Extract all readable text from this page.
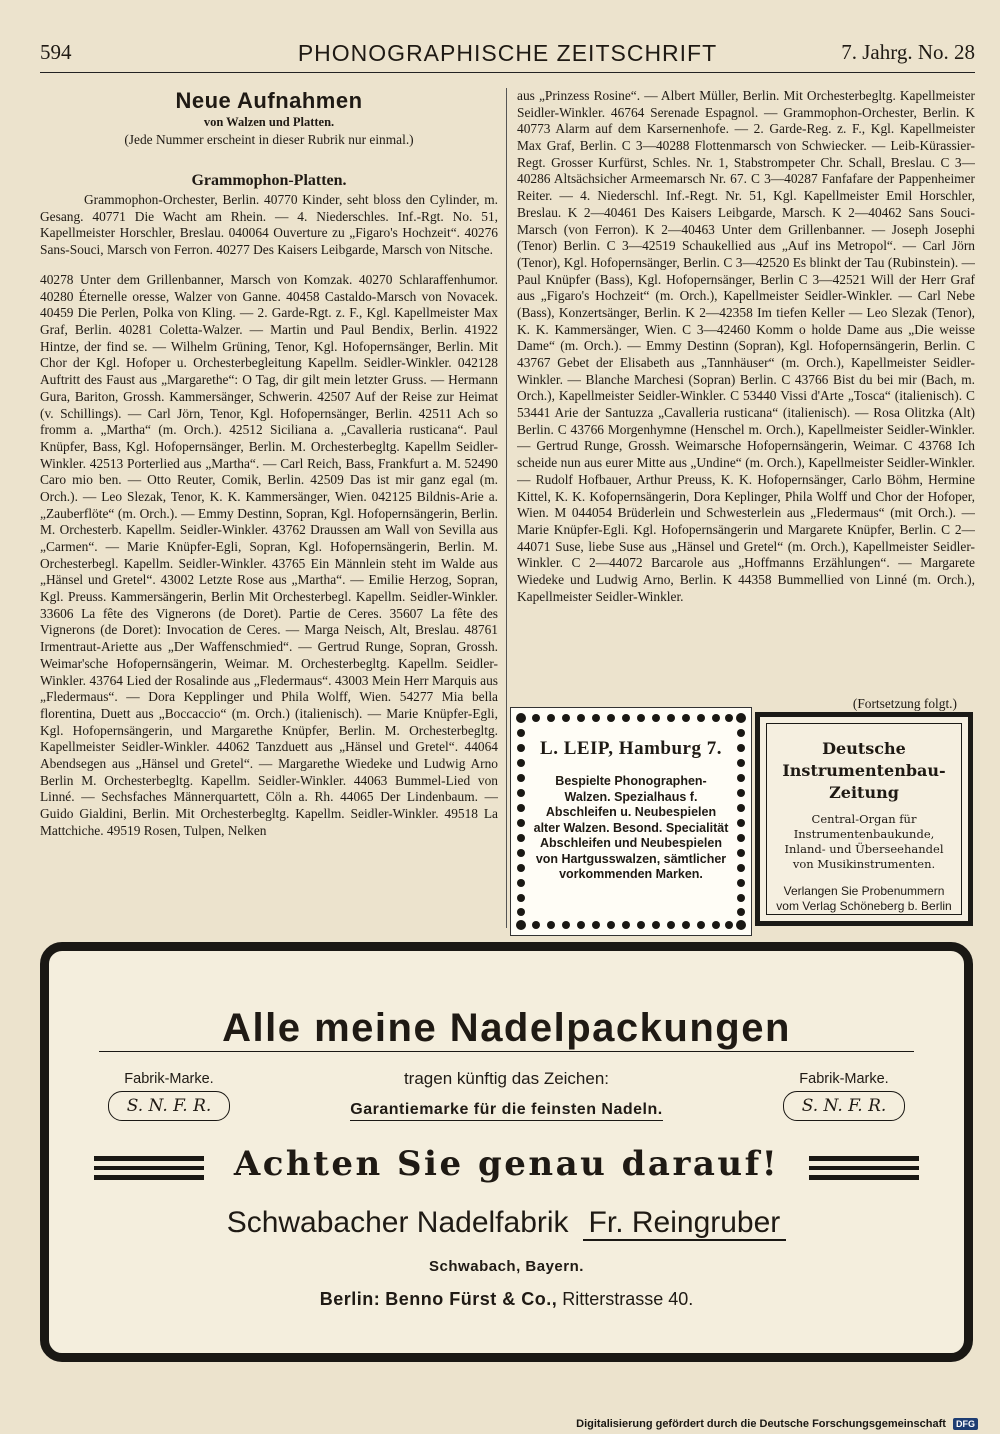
594	PHONOGRAPHISCHE ZEITSCHRIFT	7. Jahrg. No. 28
Neue Aufnahmen
von Walzen und Platten.
(Jede Nummer erscheint in dieser Rubrik nur einmal.)
Grammophon-Platten.

Grammophon-Orchester, Berlin. 40770 Kinder, seht bloss den Cylinder, m. Gesang. 40771 Die Wacht am Rhein. — 4. Niederschles. Inf.-Rgt. No. 51, Kapellmeister Horschler, Breslau. 040064 Ouverture zu „Figaro's Hochzeit“. 40276 Sans-Souci, Marsch von Ferron. 40277 Des Kaisers Leibgarde, Marsch von Nitsche.

40278 Unter dem Grillenbanner, Marsch von Komzak. 40270 Schlaraffenhumor. 40280 Éternelle oresse, Walzer von Ganne. 40458 Castaldo-Marsch von Novacek. 40459 Die Perlen, Polka von Kling. — 2. Garde-Rgt. z. F., Kgl. Kapellmeister Max Graf, Berlin. 40281 Coletta-Walzer. — Martin und Paul Bendix, Berlin. 41922 Hintze, der find se. — Wilhelm Grüning, Tenor, Kgl. Hofopernsänger, Berlin. Mit Chor der Kgl. Hofoper u. Orchesterbegleitung Kapellm. Seidler-Winkler. 042128 Auftritt des Faust aus „Margarethe“: O Tag, dir gilt mein letzter Gruss. — Hermann Gura, Bariton, Grossh. Kammersänger, Schwerin. 42507 Auf der Reise zur Heimat (v. Schillings). — Carl Jörn, Tenor, Kgl. Hofopernsänger, Berlin. 42511 Ach so fromm a. „Martha“ (m. Orch.). 42512 Siciliana a. „Cavalleria rusticana“. Paul Knüpfer, Bass, Kgl. Hofopernsänger, Berlin. M. Orchesterbegltg. Kapellm Seidler-Winkler. 42513 Porterlied aus „Martha“. — Carl Reich, Bass, Frankfurt a. M. 52490 Caro mio ben. — Otto Reuter, Comik, Berlin. 42509 Das ist mir ganz egal (m. Orch.). — Leo Slezak, Tenor, K. K. Kammersänger, Wien. 042125 Bildnis-Arie a. „Zauberflöte“ (m. Orch.). — Emmy Destinn, Sopran, Kgl. Hofopernsängerin, Berlin. M. Orchesterb. Kapellm. Seidler-Winkler. 43762 Draussen am Wall von Sevilla aus „Carmen“. — Marie Knüpfer-Egli, Sopran, Kgl. Hofopernsängerin, Berlin. M. Orchesterbegl. Kapellm. Seidler-Winkler. 43765 Ein Männlein steht im Walde aus „Hänsel und Gretel“. 43002 Letzte Rose aus „Martha“. — Emilie Herzog, Sopran, Kgl. Preuss. Kammersängerin, Berlin Mit Orchesterbegl. Kapellm. Seidler-Winkler. 33606 La fête des Vignerons (de Doret). Partie de Ceres. 35607 La fête des Vignerons (de Doret): Invocation de Ceres. — Marga Neisch, Alt, Breslau. 48761 Irmentraut-Ariette aus „Der Waffenschmied“. — Gertrud Runge, Sopran, Grossh. Weimar'sche Hofopernsängerin, Weimar. M. Orchesterbegltg. Kapellm. Seidler-Winkler. 43764 Lied der Rosalinde aus „Fledermaus“. 43003 Mein Herr Marquis aus „Fledermaus“. — Dora Kepplinger und Phila Wolff, Wien. 54277 Mia bella florentina, Duett aus „Boccaccio“ (m. Orch.) (italienisch). — Marie Knüpfer-Egli, Kgl. Hofopernsängerin, und Margarethe Knüpfer, Berlin. M. Orchesterbegltg. Kapellmeister Seidler-Winkler. 44062 Tanzduett aus „Hänsel und Gretel“. 44064 Abendsegen aus „Hänsel und Gretel“. — Margarethe Wiedeke und Ludwig Arno Berlin M. Orchesterbegltg. Kapellm. Seidler-Winkler. 44063 Bummel-Lied von Linné. — Sechsfaches Männerquartett, Cöln a. Rh. 44065 Der Lindenbaum. — Guido Gialdini, Berlin. Mit Orchesterbegltg. Kapellm. Seidler-Winkler. 49518 La Mattchiche. 49519 Rosen, Tulpen, Nelken

aus „Prinzess Rosine“. — Albert Müller, Berlin. Mit Orchesterbegltg. Kapellmeister Seidler-Winkler. 46764 Serenade Espagnol. — Grammophon-Orchester, Berlin. K 40773 Alarm auf dem Karsernenhofe. — 2. Garde-Reg. z. F., Kgl. Kapellmeister Max Graf, Berlin. C 3—40288 Flottenmarsch von Schwiecker. — Leib-Kürassier-Regt. Grosser Kurfürst, Schles. Nr. 1, Stabstrompeter Chr. Schall, Breslau. C 3—40286 Altsächsicher Armeemarsch Nr. 67. C 3—40287 Fanfafare der Pappenheimer Reiter. — 4. Niederschl. Inf.-Regt. Nr. 51, Kgl. Kapellmeister Emil Horschler, Breslau. K 2—40461 Des Kaisers Leibgarde, Marsch. K 2—40462 Sans Souci-Marsch (von Ferron). K 2—40463 Unter dem Grillenbanner. — Joseph Josephi (Tenor) Berlin. C 3—42519 Schaukellied aus „Auf ins Metropol“. — Carl Jörn (Tenor), Kgl. Hofopernsänger, Berlin. C 3—42520 Es blinkt der Tau (Rubinstein). — Paul Knüpfer (Bass), Kgl. Hofopernsänger, Berlin C 3—42521 Will der Herr Graf aus „Figaro's Hochzeit“ (m. Orch.), Kapellmeister Seidler-Winkler. — Carl Nebe (Bass), Konzertsänger, Berlin. K 2—42358 Im tiefen Keller — Leo Slezak (Tenor), K. K. Kammersänger, Wien. C 3—42460 Komm o holde Dame aus „Die weisse Dame“ (m. Orch.). — Emmy Destinn (Sopran), Kgl. Hofopernsängerin, Berlin. C 43767 Gebet der Elisabeth aus „Tannhäuser“ (m. Orch.), Kapellmeister Seidler-Winkler. — Blanche Marchesi (Sopran) Berlin. C 43766 Bist du bei mir (Bach, m. Orch.), Kapellmeister Seidler-Winkler. C 53440 Vissi d'Arte „Tosca“ (italienisch). C 53441 Arie der Santuzza „Cavalleria rusticana“ (italienisch). — Rosa Olitzka (Alt) Berlin. C 43766 Morgenhymne (Henschel m. Orch.), Kapellmeister Seidler-Winkler. — Gertrud Runge, Grossh. Weimarsche Hofopernsängerin, Weimar. C 43768 Ich scheide nun aus eurer Mitte aus „Undine“ (m. Orch.), Kapellmeister Seidler-Winkler. — Rudolf Hofbauer, Arthur Preuss, K. K. Hofopernsänger, Carlo Böhm, Hermine Kittel, K. K. Kofopernsängerin, Dora Keplinger, Phila Wolff und Chor der Hofoper, Wien. M 044054 Brüderlein und Schwesterlein aus „Fledermaus“ (mit Orch.). — Marie Knüpfer-Egli. Kgl. Hofopernsängerin und Margarete Knüpfer, Berlin. C 2—44071 Suse, liebe Suse aus „Hänsel und Gretel“ (m. Orch.), Kapellmeister Seidler-Winkler. C 2—44072 Barcarole aus „Hoffmanns Erzählungen“. — Margarete Wiedeke und Ludwig Arno, Berlin. K 44358 Bummellied von Linné (m. Orch.), Kapellmeister Seidler-Winkler.

(Fortsetzung folgt.)
L. LEIP, Hamburg 7.
Bespielte Phonographen-Walzen. Spezialhaus f. Abschleifen u. Neubespielen alter Walzen. Besond. Specialität Abschleifen und Neubespielen von Hartgusswalzen, sämtlicher vorkommenden Marken.
Deutsche
Instrumentenbau-Zeitung
Central-Organ für Instrumentenbaukunde, Inland- und Überseehandel von Musikinstrumenten.
Verlangen Sie Probenummern vom Verlag Schöneberg b. Berlin
Alle meine Nadelpackungen
Fabrik-Marke.
S. N. F. R.
Fabrik-Marke.
S. N. F. R.
tragen künftig das Zeichen:
Garantiemarke für die feinsten Nadeln.
Achten Sie genau darauf!
Schwabacher Nadelfabrik Fr. Reingruber
Schwabach, Bayern.
Berlin: Benno Fürst & Co., Ritterstrasse 40.
Digitalisierung gefördert durch die Deutsche Forschungsgemeinschaft DFG
